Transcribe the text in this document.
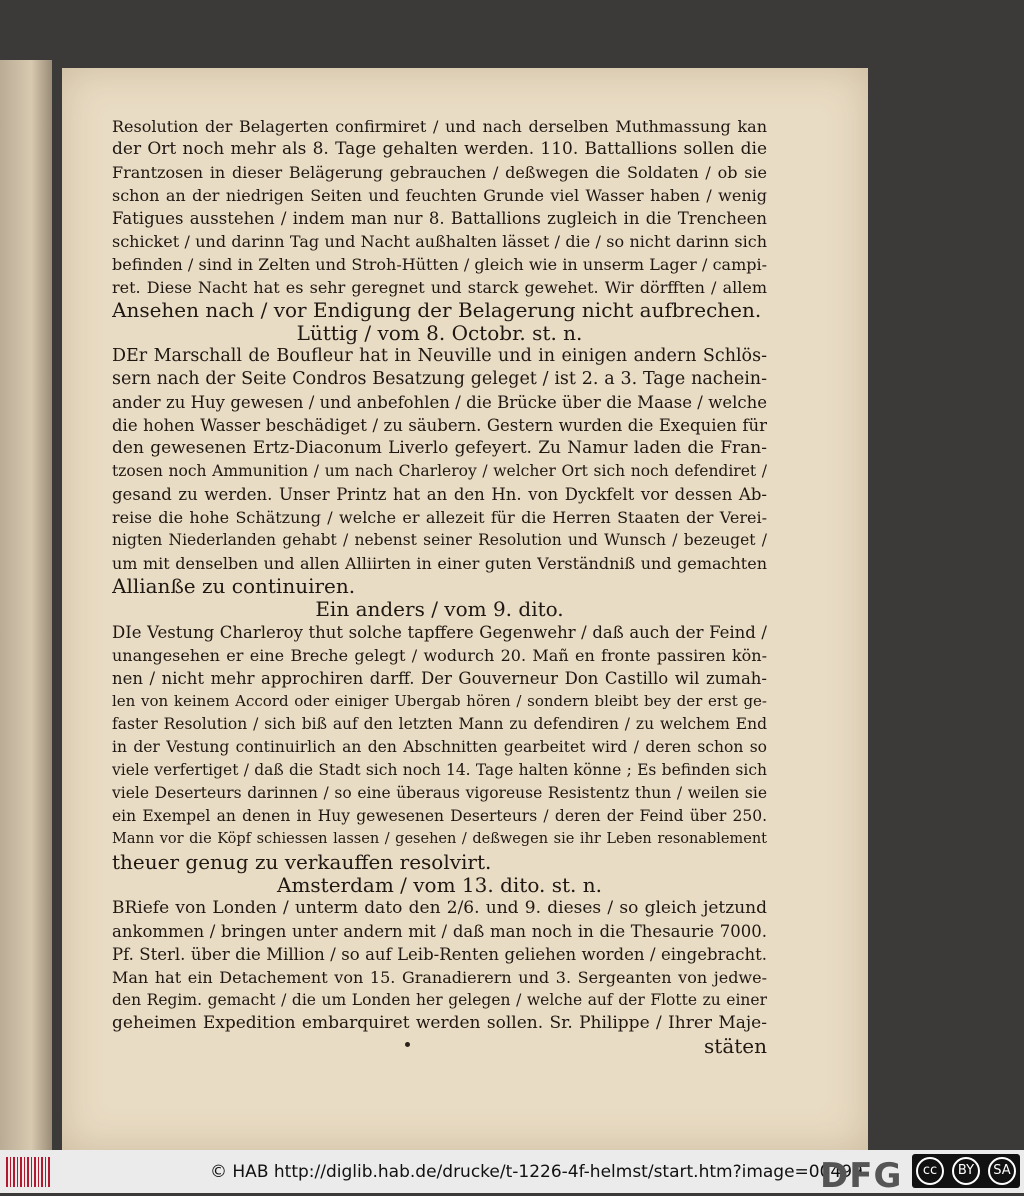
Resolution der Belagerten confirmiret / und nach derselben Muthmassung kan
der Ort noch mehr als 8. Tage gehalten werden. 110. Battallions sollen die
Frantzosen in dieser Belägerung gebrauchen / deßwegen die Soldaten / ob sie
schon an der niedrigen Seiten und feuchten Grunde viel Wasser haben / wenig
Fatigues ausstehen / indem man nur 8. Battallions zugleich in die Trencheen
schicket / und darinn Tag und Nacht außhalten lässet / die / so nicht darinn sich
befinden / sind in Zelten und Stroh-Hütten / gleich wie in unserm Lager / campi-
ret. Diese Nacht hat es sehr geregnet und starck gewehet. Wir dörfften / allem
Ansehen nach / vor Endigung der Belagerung nicht aufbrechen.
Lüttig / vom 8. Octobr. st. n.
DEr Marschall de Boufleur hat in Neuville und in einigen andern Schlös-
sern nach der Seite Condros Besatzung geleget / ist 2. a 3. Tage nachein-
ander zu Huy gewesen / und anbefohlen / die Brücke über die Maase / welche
die hohen Wasser beschädiget / zu säubern. Gestern wurden die Exequien für
den gewesenen Ertz-Diaconum Liverlo gefeyert. Zu Namur laden die Fran-
tzosen noch Ammunition / um nach Charleroy / welcher Ort sich noch defendiret /
gesand zu werden. Unser Printz hat an den Hn. von Dyckfelt vor dessen Ab-
reise die hohe Schätzung / welche er allezeit für die Herren Staaten der Verei-
nigten Niederlanden gehabt / nebenst seiner Resolution und Wunsch / bezeuget /
um mit denselben und allen Alliirten in einer guten Verständniß und gemachten
Allianße zu continuiren.
Ein anders / vom 9. dito.
DIe Vestung Charleroy thut solche tapffere Gegenwehr / daß auch der Feind /
unangesehen er eine Breche gelegt / wodurch 20. Mañ en fronte passiren kön-
nen / nicht mehr approchiren darff. Der Gouverneur Don Castillo wil zumah-
len von keinem Accord oder einiger Ubergab hören / sondern bleibt bey der erst ge-
faster Resolution / sich biß auf den letzten Mann zu defendiren / zu welchem End
in der Vestung continuirlich an den Abschnitten gearbeitet wird / deren schon so
viele verfertiget / daß die Stadt sich noch 14. Tage halten könne ; Es befinden sich
viele Deserteurs darinnen / so eine überaus vigoreuse Resistentz thun / weilen sie
ein Exempel an denen in Huy gewesenen Deserteurs / deren der Feind über 250.
Mann vor die Köpf schiessen lassen / gesehen / deßwegen sie ihr Leben resonablement
theuer genug zu verkauffen resolvirt.
Amsterdam / vom 13. dito. st. n.
BRiefe von Londen / unterm dato den 2/6. und 9. dieses / so gleich jetzund
ankommen / bringen unter andern mit / daß man noch in die Thesaurie 7000.
Pf. Sterl. über die Million / so auf Leib-Renten geliehen worden / eingebracht.
Man hat ein Detachement von 15. Granadierern und 3. Sergeanten von jedwe-
den Regim. gemacht / die um Londen her gelegen / welche auf der Flotte zu einer
geheimen Expedition embarquiret werden sollen. Sr. Philippe / Ihrer Maje-
stäten
© HAB http://diglib.hab.de/drucke/t-1226-4f-helmst/start.htm?image=00499
DFG	cc	BY	SA
